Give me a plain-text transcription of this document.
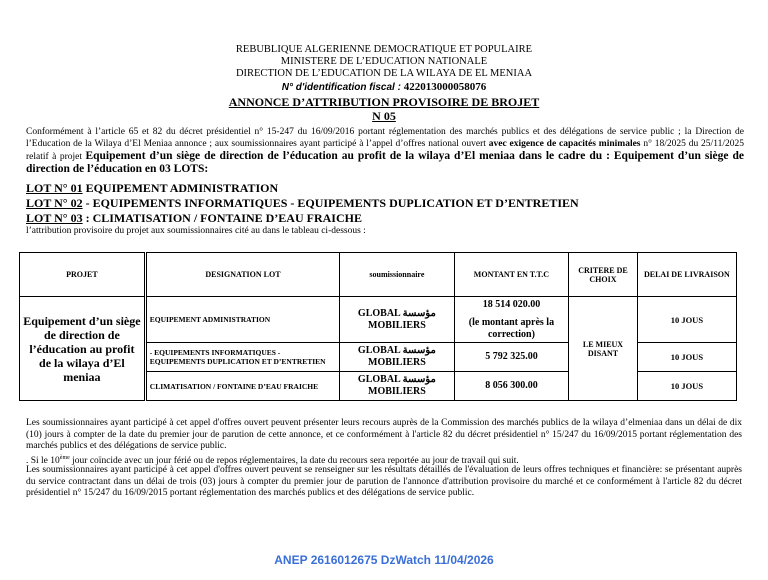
REBUBLIQUE ALGERIENNE DEMOCRATIQUE ET POPULAIRE
MINISTERE DE L’EDUCATION NATIONALE
DIRECTION DE L’EDUCATION DE LA WILAYA DE EL MENIAA
N° d'identification fiscal : 422013000058076
ANNONCE D’ATTRIBUTION PROVISOIRE DE BROJET
N 05
Conformément à l’article 65 et 82 du décret présidentiel n° 15-247 du 16/09/2016 portant réglementation des marchés publics et des délégations de service public ; la Direction de l’Education de la Wilaya d’El Meniaa annonce ; aux soumissionnaires ayant participé à l’appel d’offres national ouvert avec exigence de capacités minimales n° 18/2025 du 25/11/2025 relatif à projet Equipement d’un siège de direction de l’éducation au profit de la wilaya d’El meniaa dans le cadre du : Equipement d’un siège de direction de l’éducation en 03 LOTS:
LOT N° 01 EQUIPEMENT ADMINISTRATION
LOT N° 02 - EQUIPEMENTS INFORMATIQUES - EQUIPEMENTS DUPLICATION ET D’ENTRETIEN
LOT N° 03 : CLIMATISATION / FONTAINE D’EAU FRAICHE
l’attribution provisoire du projet aux soumissionnaires cité au dans le tableau ci-dessous :
PROJET	DESIGNATION LOT	soumissionnaire	MONTANT EN T.T.C	CRITERE DE CHOIX	DELAI DE LIVRAISON
Equipement d’un siège de direction de l’éducation au profit de la wilaya d’El meniaa	EQUIPEMENT ADMINISTRATION	GLOBAL مؤسسة
MOBILIERS	18 514 020.00
(le montant après la correction)	LE MIEUX DISANT	10 JOUS
	- EQUIPEMENTS INFORMATIQUES - EQUIPEMENTS DUPLICATION ET D’ENTRETIEN	GLOBAL مؤسسة
MOBILIERS	5 792 325.00		10 JOUS
	CLIMATISATION / FONTAINE D’EAU FRAICHE	GLOBAL مؤسسة
MOBILIERS	8 056 300.00		10 JOUS
Les soumissionnaires ayant participé à cet appel d'offres ouvert peuvent présenter leurs recours auprès de la Commission des marchés publics de la wilaya d’elmeniaa dans un délai de dix (10) jours à compter de la date du premier jour de parution de cette annonce, et ce conformément à l'article 82 du décret présidentiel n° 15/247 du 16/09/2015 portant réglementation des marchés publics et des délégations de service public.
. Si le 10ème jour coïncide avec un jour férié ou de repos réglementaires, la date du recours sera reportée au jour de travail qui suit.
Les soumissionnaires ayant participé à cet appel d'offres ouvert peuvent se renseigner sur les résultats détaillés de l'évaluation de leurs offres techniques et financière: se présentant auprès du service contractant dans un délai de trois (03) jours à compter du premier jour de parution de l'annonce d'attribution provisoire du marché et ce conformément à l'article 82 du décret présidentiel n° 15/247 du 16/09/2015 portant réglementation des marchés publics et des délégations de service public.
ANEP 2616012675 DzWatch 11/04/2026
